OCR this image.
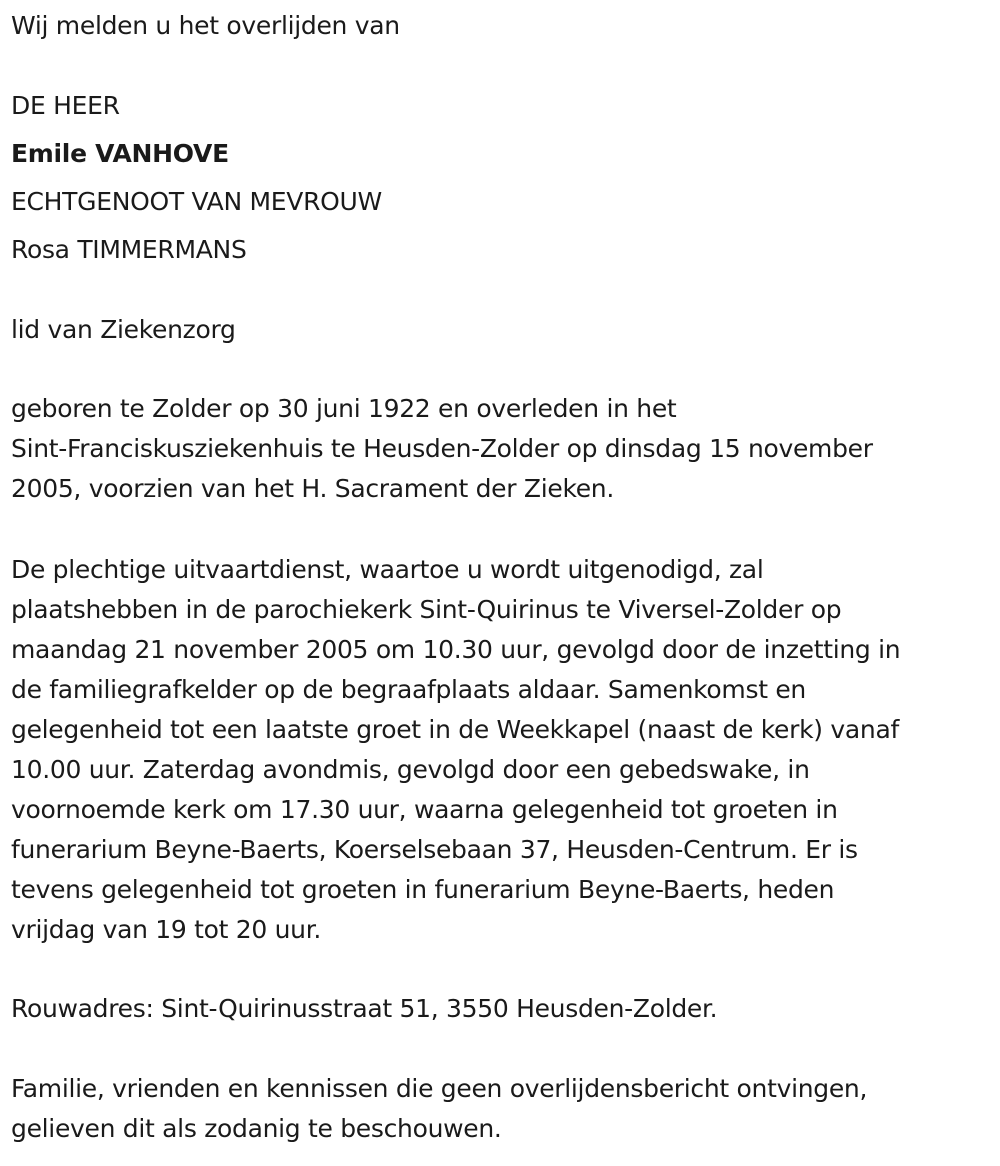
Wij melden u het overlijden van
DE HEER
Emile VANHOVE
ECHTGENOOT VAN MEVROUW
Rosa TIMMERMANS
lid van Ziekenzorg
geboren te Zolder op 30 juni 1922 en overleden in het
Sint-Franciskusziekenhuis te Heusden-Zolder op dinsdag 15 november
2005, voorzien van het H. Sacrament der Zieken.
De plechtige uitvaartdienst, waartoe u wordt uitgenodigd, zal
plaatshebben in de parochiekerk Sint-Quirinus te Viversel-Zolder op
maandag 21 november 2005 om 10.30 uur, gevolgd door de inzetting in
de familiegrafkelder op de begraafplaats aldaar. Samenkomst en
gelegenheid tot een laatste groet in de Weekkapel (naast de kerk) vanaf
10.00 uur. Zaterdag avondmis, gevolgd door een gebedswake, in
voornoemde kerk om 17.30 uur, waarna gelegenheid tot groeten in
funerarium Beyne-Baerts, Koerselsebaan 37, Heusden-Centrum. Er is
tevens gelegenheid tot groeten in funerarium Beyne-Baerts, heden
vrijdag van 19 tot 20 uur.
Rouwadres: Sint-Quirinusstraat 51, 3550 Heusden-Zolder.
Familie, vrienden en kennissen die geen overlijdensbericht ontvingen,
gelieven dit als zodanig te beschouwen.
